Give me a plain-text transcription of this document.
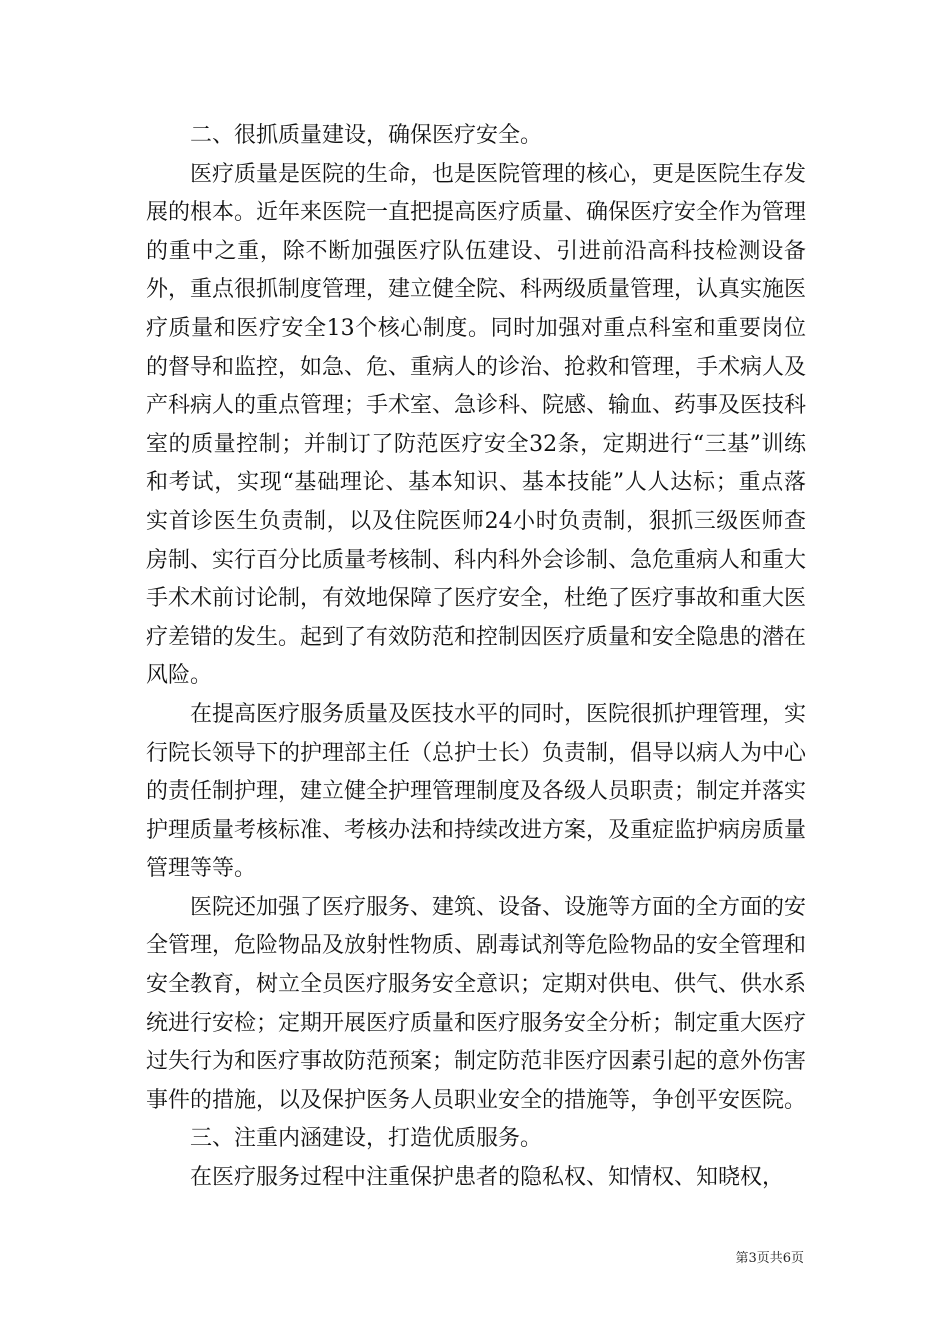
二、很抓质量建设，确保医疗安全。

医疗质量是医院的生命，也是医院管理的核心，更是医院生存发展的根本。近年来医院一直把提高医疗质量、确保医疗安全作为管理的重中之重，除不断加强医疗队伍建设、引进前沿高科技检测设备外，重点很抓制度管理，建立健全院、科两级质量管理，认真实施医疗质量和医疗安全13个核心制度。同时加强对重点科室和重要岗位的督导和监控，如急、危、重病人的诊治、抢救和管理，手术病人及产科病人的重点管理；手术室、急诊科、院感、输血、药事及医技科室的质量控制；并制订了防范医疗安全32条，定期进行“三基”训练和考试，实现“基础理论、基本知识、基本技能”人人达标；重点落实首诊医生负责制，以及住院医师24小时负责制，狠抓三级医师查房制、实行百分比质量考核制、科内科外会诊制、急危重病人和重大手术术前讨论制，有效地保障了医疗安全，杜绝了医疗事故和重大医疗差错的发生。起到了有效防范和控制因医疗质量和安全隐患的潜在风险。

在提高医疗服务质量及医技水平的同时，医院很抓护理管理，实行院长领导下的护理部主任（总护士长）负责制，倡导以病人为中心的责任制护理，建立健全护理管理制度及各级人员职责；制定并落实护理质量考核标准、考核办法和持续改进方案，及重症监护病房质量管理等等。

医院还加强了医疗服务、建筑、设备、设施等方面的全方面的安全管理，危险物品及放射性物质、剧毒试剂等危险物品的安全管理和安全教育，树立全员医疗服务安全意识；定期对供电、供气、供水系统进行安检；定期开展医疗质量和医疗服务安全分析；制定重大医疗过失行为和医疗事故防范预案；制定防范非医疗因素引起的意外伤害事件的措施，以及保护医务人员职业安全的措施等，争创平安医院。

三、注重内涵建设，打造优质服务。

在医疗服务过程中注重保护患者的隐私权、知情权、知晓权，

第3页共6页
